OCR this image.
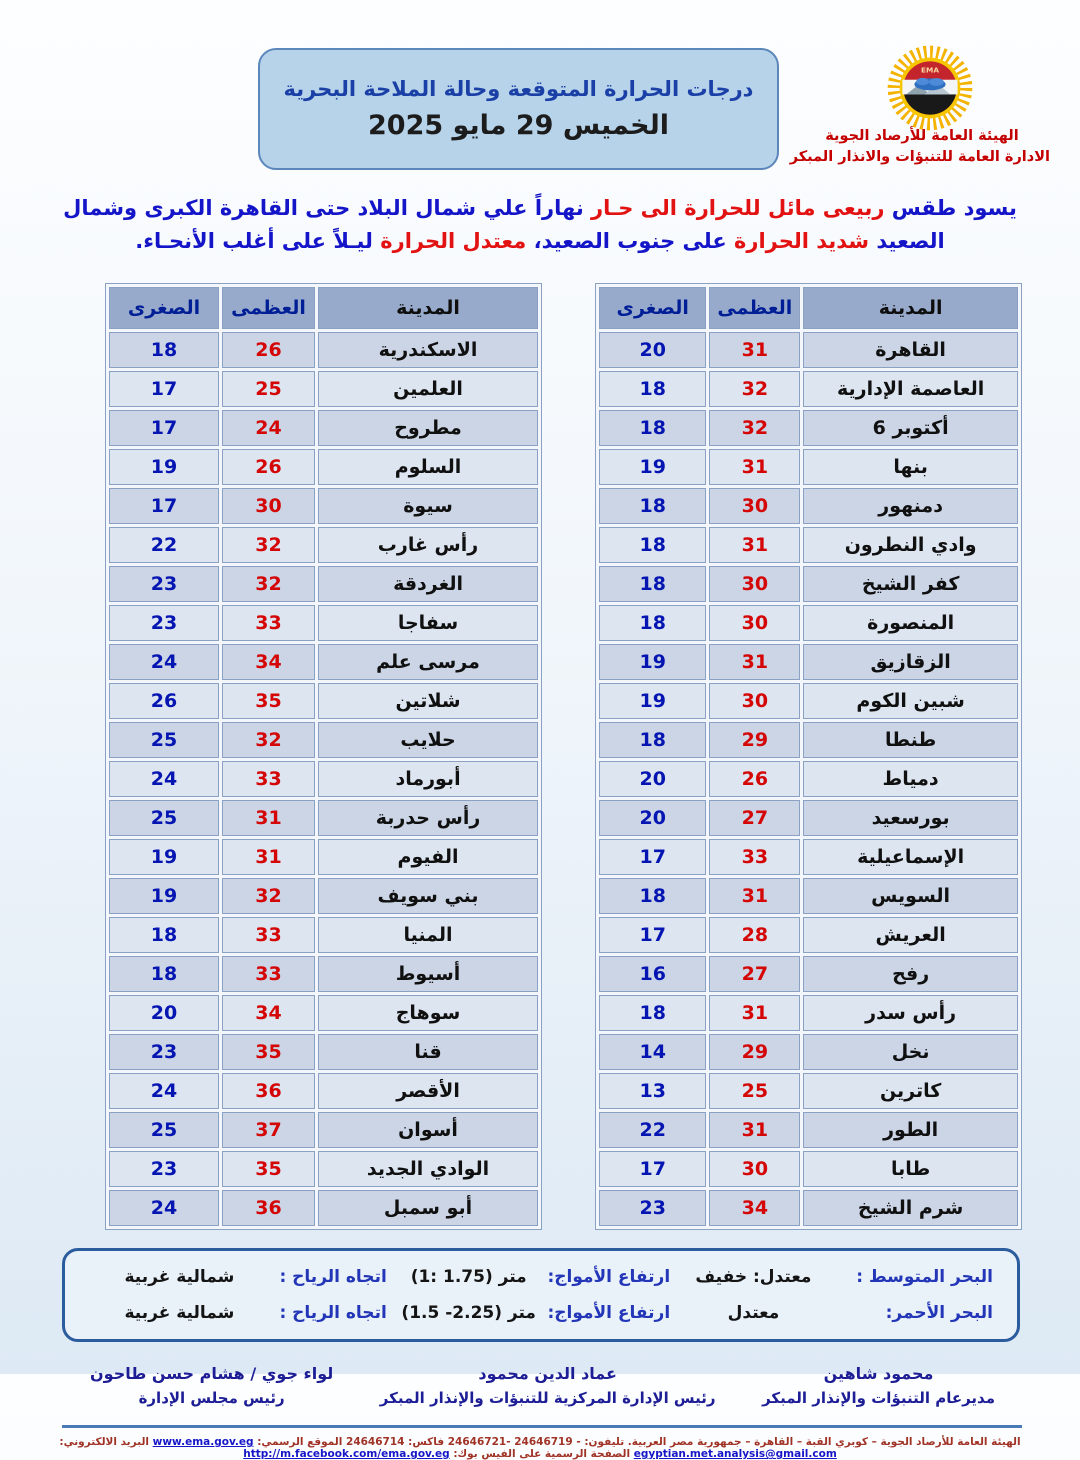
درجات الحرارة المتوقعة وحالة الملاحة البحرية
الخميس 29 مايو 2025
EMA
الهيئة العامة للأرصاد الجوية
الادارة العامة للتنبؤات والانذار المبكر

يسود طقس ربيعى مائل للحرارة الى حـار نهاراً علي شمال البلاد حتى القاهرة الكبرى وشمال الصعيد شديد الحرارة على جنوب الصعيد، معتدل الحرارة ليـلاً على أغلب الأنحـاء.

المدينة	العظمى	الصغرى
القاهرة	31	20
العاصمة الإدارية	32	18
أكتوبر 6	32	18
بنها	31	19
دمنهور	30	18
وادي النطرون	31	18
كفر الشيخ	30	18
المنصورة	30	18
الزقازيق	31	19
شبين الكوم	30	19
طنطا	29	18
دمياط	26	20
بورسعيد	27	20
الإسماعيلية	33	17
السويس	31	18
العريش	28	17
رفح	27	16
رأس سدر	31	18
نخل	29	14
كاترين	25	13
الطور	31	22
طابا	30	17
شرم الشيخ	34	23
المدينة	العظمى	الصغرى
الاسكندرية	26	18
العلمين	25	17
مطروح	24	17
السلوم	26	19
سيوة	30	17
رأس غارب	32	22
الغردقة	32	23
سفاجا	33	23
مرسى علم	34	24
شلاتين	35	26
حلايب	32	25
أبورماد	33	24
رأس حدربة	31	25
الفيوم	31	19
بني سويف	32	19
المنيا	33	18
أسيوط	33	18
سوهاج	34	20
قنا	35	23
الأقصر	36	24
أسوان	37	25
الوادي الجديد	35	23
أبو سمبل	36	24
البحر المتوسط :
معتدل: خفيف
ارتفاع الأمواج:
(1: 1.75) متر
اتجاه الرياح :
شمالية غربية
البحر الأحمر:
معتدل
ارتفاع الأمواج:
(1.5 -2.25) متر
اتجاه الرياح :
شمالية غربية
محمود شاهين
مديرعام التنبؤات والإنذار المبكر
عماد الدين محمود
رئيس الإدارة المركزية للتنبؤات والإنذار المبكر
لواء جوي / هشام حسن طاحون
رئيس مجلس الإدارة
الهيئة العامة للأرصاد الجوية – كوبري القبة – القاهرة – جمهورية مصر العربية. تليفون: - 24646719 -24646721 فاكس: 24646714 الموقع الرسمي: www.ema.gov.eg البريد الالكتروني: egyptian.met.analysis@gmail.com الصفحة الرسمية على الفيس بوك: http://m.facebook.com/ema.gov.eg
